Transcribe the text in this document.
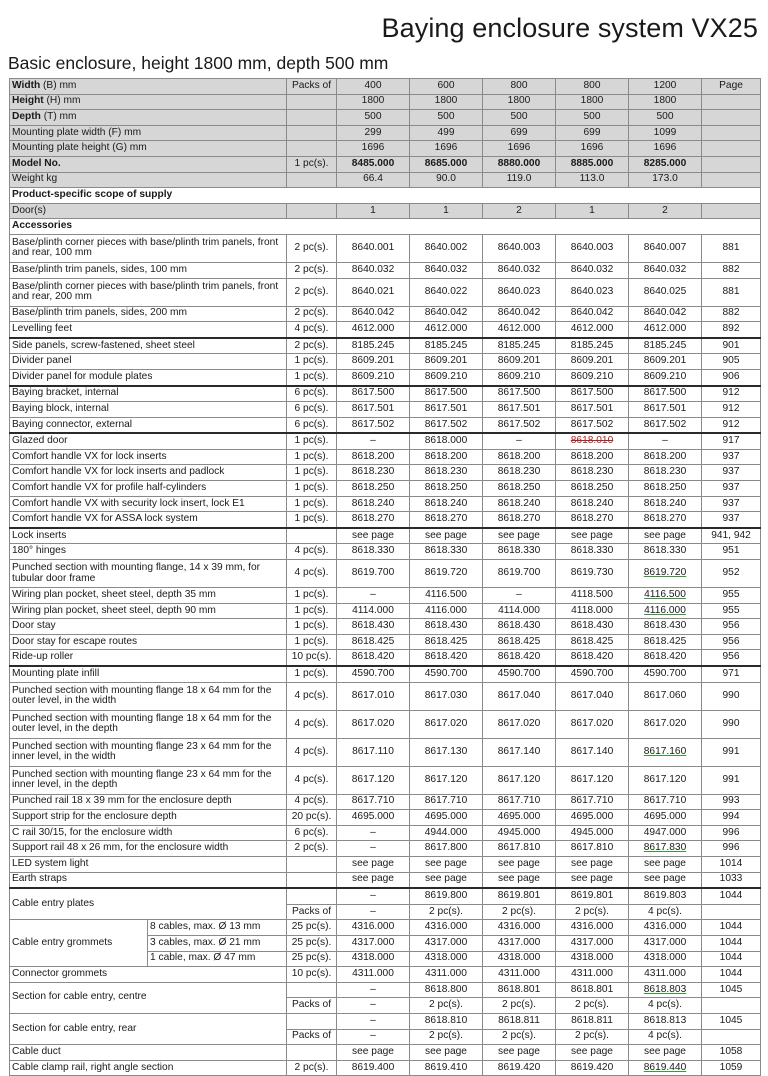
Baying enclosure system VX25
Basic enclosure, height 1800 mm, depth 500 mm
Width (B) mm		Packs of	400	600	800	800	1200	Page
Height (H) mm			1800	1800	1800	1800	1800	
Depth (T) mm			500	500	500	500	500	
Mounting plate width (F) mm			299	499	699	699	1099	
Mounting plate height (G) mm			1696	1696	1696	1696	1696	
Model No.		1 pc(s).	8485.000	8685.000	8880.000	8885.000	8285.000	
Weight kg			66.4	90.0	119.0	113.0	173.0	
Product-specific scope of supply								
Door(s)			1	1	2	1	2	
Accessories								
Base/plinth corner pieces with base/plinth trim panels, front and rear, 100 mm		2 pc(s).	8640.001	8640.002	8640.003	8640.003	8640.007	881
Base/plinth trim panels, sides, 100 mm		2 pc(s).	8640.032	8640.032	8640.032	8640.032	8640.032	882
Base/plinth corner pieces with base/plinth trim panels, front and rear, 200 mm		2 pc(s).	8640.021	8640.022	8640.023	8640.023	8640.025	881
Base/plinth trim panels, sides, 200 mm		2 pc(s).	8640.042	8640.042	8640.042	8640.042	8640.042	882
Levelling feet		4 pc(s).	4612.000	4612.000	4612.000	4612.000	4612.000	892
Side panels, screw-fastened, sheet steel		2 pc(s).	8185.245	8185.245	8185.245	8185.245	8185.245	901
Divider panel		1 pc(s).	8609.201	8609.201	8609.201	8609.201	8609.201	905
Divider panel for module plates		1 pc(s).	8609.210	8609.210	8609.210	8609.210	8609.210	906
Baying bracket, internal		6 pc(s).	8617.500	8617.500	8617.500	8617.500	8617.500	912
Baying block, internal		6 pc(s).	8617.501	8617.501	8617.501	8617.501	8617.501	912
Baying connector, external		6 pc(s).	8617.502	8617.502	8617.502	8617.502	8617.502	912
Glazed door		1 pc(s).	–	8618.000	–	8618.010	–	917
Comfort handle VX for lock inserts		1 pc(s).	8618.200	8618.200	8618.200	8618.200	8618.200	937
Comfort handle VX for lock inserts and padlock		1 pc(s).	8618.230	8618.230	8618.230	8618.230	8618.230	937
Comfort handle VX for profile half-cylinders		1 pc(s).	8618.250	8618.250	8618.250	8618.250	8618.250	937
Comfort handle VX with security lock insert, lock E1		1 pc(s).	8618.240	8618.240	8618.240	8618.240	8618.240	937
Comfort handle VX for ASSA lock system		1 pc(s).	8618.270	8618.270	8618.270	8618.270	8618.270	937
Lock inserts			see page	see page	see page	see page	see page	941, 942
180° hinges		4 pc(s).	8618.330	8618.330	8618.330	8618.330	8618.330	951
Punched section with mounting flange, 14 x 39 mm, for tubular door frame		4 pc(s).	8619.700	8619.720	8619.700	8619.730	8619.720	952
Wiring plan pocket, sheet steel, depth 35 mm		1 pc(s).	–	4116.500	–	4118.500	4116.500	955
Wiring plan pocket, sheet steel, depth 90 mm		1 pc(s).	4114.000	4116.000	4114.000	4118.000	4116.000	955
Door stay		1 pc(s).	8618.430	8618.430	8618.430	8618.430	8618.430	956
Door stay for escape routes		1 pc(s).	8618.425	8618.425	8618.425	8618.425	8618.425	956
Ride-up roller		10 pc(s).	8618.420	8618.420	8618.420	8618.420	8618.420	956
Mounting plate infill		1 pc(s).	4590.700	4590.700	4590.700	4590.700	4590.700	971
Punched section with mounting flange 18 x 64 mm for the outer level, in the width		4 pc(s).	8617.010	8617.030	8617.040	8617.040	8617.060	990
Punched section with mounting flange 18 x 64 mm for the outer level, in the depth		4 pc(s).	8617.020	8617.020	8617.020	8617.020	8617.020	990
Punched section with mounting flange 23 x 64 mm for the inner level, in the width		4 pc(s).	8617.110	8617.130	8617.140	8617.140	8617.160	991
Punched section with mounting flange 23 x 64 mm for the inner level, in the depth		4 pc(s).	8617.120	8617.120	8617.120	8617.120	8617.120	991
Punched rail 18 x 39 mm for the enclosure depth		4 pc(s).	8617.710	8617.710	8617.710	8617.710	8617.710	993
Support strip for the enclosure depth		20 pc(s).	4695.000	4695.000	4695.000	4695.000	4695.000	994
C rail 30/15, for the enclosure width		6 pc(s).	–	4944.000	4945.000	4945.000	4947.000	996
Support rail 48 x 26 mm, for the enclosure width		2 pc(s).	–	8617.800	8617.810	8617.810	8617.830	996
LED system light			see page	see page	see page	see page	see page	1014
Earth straps			see page	see page	see page	see page	see page	1033
Cable entry plates			–	8619.800	8619.801	8619.801	8619.803	1044
		Packs of	–	2 pc(s).	2 pc(s).	2 pc(s).	4 pc(s).	
Cable entry grommets	8 cables, max. Ø 13 mm	25 pc(s).	4316.000	4316.000	4316.000	4316.000	4316.000	1044
	3 cables, max. Ø 21 mm	25 pc(s).	4317.000	4317.000	4317.000	4317.000	4317.000	1044
	1 cable, max. Ø 47 mm	25 pc(s).	4318.000	4318.000	4318.000	4318.000	4318.000	1044
Connector grommets		10 pc(s).	4311.000	4311.000	4311.000	4311.000	4311.000	1044
Section for cable entry, centre			–	8618.800	8618.801	8618.801	8618.803	1045
		Packs of	–	2 pc(s).	2 pc(s).	2 pc(s).	4 pc(s).	
Section for cable entry, rear			–	8618.810	8618.811	8618.811	8618.813	1045
		Packs of	–	2 pc(s).	2 pc(s).	2 pc(s).	4 pc(s).	
Cable duct			see page	see page	see page	see page	see page	1058
Cable clamp rail, right angle section		2 pc(s).	8619.400	8619.410	8619.420	8619.420	8619.440	1059
